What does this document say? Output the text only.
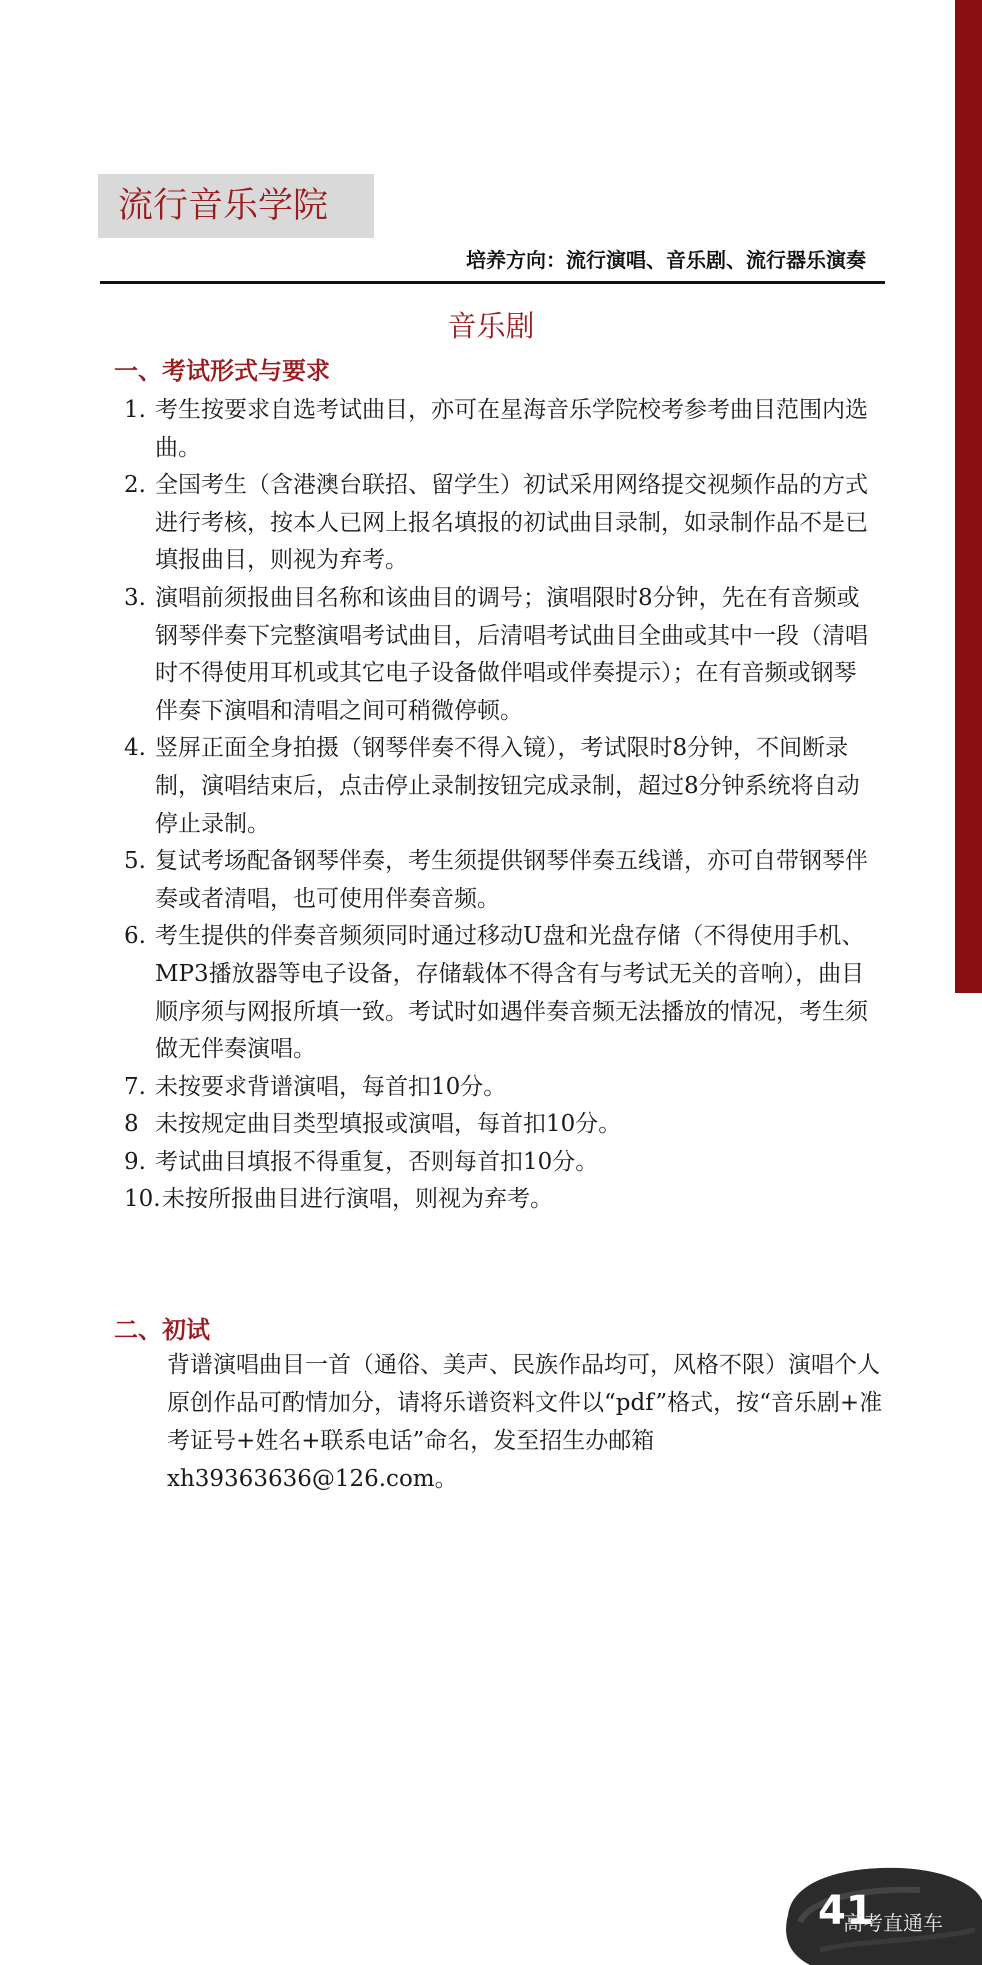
流行音乐学院
培养方向：流行演唱、音乐剧、流行器乐演奏
音乐剧
一、考试形式与要求
1. 考生按要求自选考试曲目，亦可在星海音乐学院校考参考曲目范围内选曲。
2. 全国考生（含港澳台联招、留学生）初试采用网络提交视频作品的方式进行考核，按本人已网上报名填报的初试曲目录制，如录制作品不是已填报曲目，则视为弃考。
3. 演唱前须报曲目名称和该曲目的调号；演唱限时8分钟，先在有音频或钢琴伴奏下完整演唱考试曲目，后清唱考试曲目全曲或其中一段（清唱时不得使用耳机或其它电子设备做伴唱或伴奏提示）；在有音频或钢琴伴奏下演唱和清唱之间可稍微停顿。
4. 竖屏正面全身拍摄（钢琴伴奏不得入镜），考试限时8分钟，不间断录制，演唱结束后，点击停止录制按钮完成录制，超过8分钟系统将自动停止录制。
5. 复试考场配备钢琴伴奏，考生须提供钢琴伴奏五线谱，亦可自带钢琴伴奏或者清唱，也可使用伴奏音频。
6. 考生提供的伴奏音频须同时通过移动U盘和光盘存储（不得使用手机、MP3播放器等电子设备，存储载体不得含有与考试无关的音响），曲目顺序须与网报所填一致。考试时如遇伴奏音频无法播放的情况，考生须做无伴奏演唱。
7. 未按要求背谱演唱，每首扣10分。
8 未按规定曲目类型填报或演唱，每首扣10分。
9. 考试曲目填报不得重复，否则每首扣10分。
10. 未按所报曲目进行演唱，则视为弃考。
二、初试
背谱演唱曲目一首（通俗、美声、民族作品均可，风格不限）演唱个人原创作品可酌情加分，请将乐谱资料文件以“pdf”格式，按“音乐剧+准考证号+姓名+联系电话”命名，发至招生办邮箱xh39363636@126.com。
41
高考直通车
